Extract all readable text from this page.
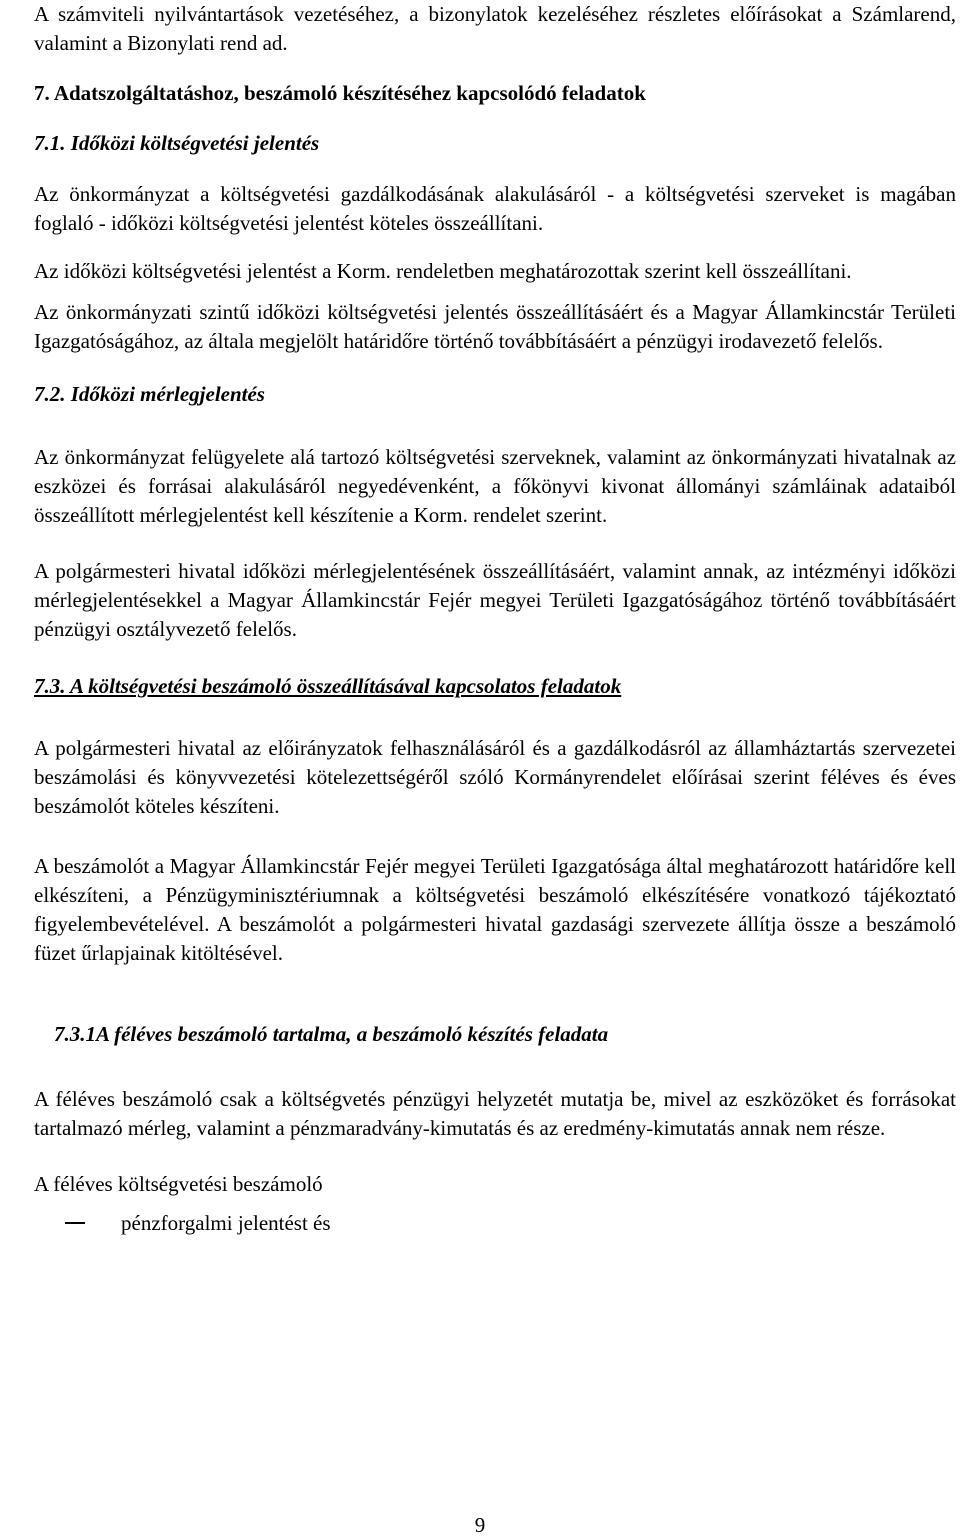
A számviteli nyilvántartások vezetéséhez, a bizonylatok kezeléséhez részletes előírásokat a Számlarend, valamint a Bizonylati rend ad.

7. Adatszolgáltatáshoz, beszámoló készítéséhez kapcsolódó feladatok

7.1. Időközi költségvetési jelentés

Az önkormányzat a költségvetési gazdálkodásának alakulásáról - a költségvetési szerveket is magában foglaló - időközi költségvetési jelentést köteles összeállítani.

Az időközi költségvetési jelentést a Korm. rendeletben meghatározottak szerint kell összeállítani.

Az önkormányzati szintű időközi költségvetési jelentés összeállításáért és a Magyar Államkincstár Területi Igazgatóságához, az általa megjelölt határidőre történő továbbításáért a pénzügyi irodavezető felelős.

7.2. Időközi mérlegjelentés

Az önkormányzat felügyelete alá tartozó költségvetési szerveknek, valamint az önkormányzati hivatalnak az eszközei és forrásai alakulásáról negyedévenként, a főkönyvi kivonat állományi számláinak adataiból összeállított mérlegjelentést kell készítenie a Korm. rendelet szerint.

A polgármesteri hivatal időközi mérlegjelentésének összeállításáért, valamint annak, az intézményi időközi mérlegjelentésekkel a Magyar Államkincstár Fejér megyei Területi Igazgatóságához történő továbbításáért pénzügyi osztályvezető felelős.

7.3. A költségvetési beszámoló összeállításával kapcsolatos feladatok

A polgármesteri hivatal az előirányzatok felhasználásáról és a gazdálkodásról az államháztartás szervezetei beszámolási és könyvvezetési kötelezettségéről szóló Kormányrendelet előírásai szerint féléves és éves beszámolót köteles készíteni.

A beszámolót a Magyar Államkincstár Fejér megyei Területi Igazgatósága által meghatározott határidőre kell elkészíteni, a Pénzügyminisztériumnak a költségvetési beszámoló elkészítésére vonatkozó tájékoztató figyelembevételével. A beszámolót a polgármesteri hivatal gazdasági szervezete állítja össze a beszámoló füzet űrlapjainak kitöltésével.

7.3.1A féléves beszámoló tartalma, a beszámoló készítés feladata

A féléves beszámoló csak a költségvetés pénzügyi helyzetét mutatja be, mivel az eszközöket és forrásokat tartalmazó mérleg, valamint a pénzmaradvány-kimutatás és az eredmény-kimutatás annak nem része.

A féléves költségvetési beszámoló

pénzforgalmi jelentést és
9
